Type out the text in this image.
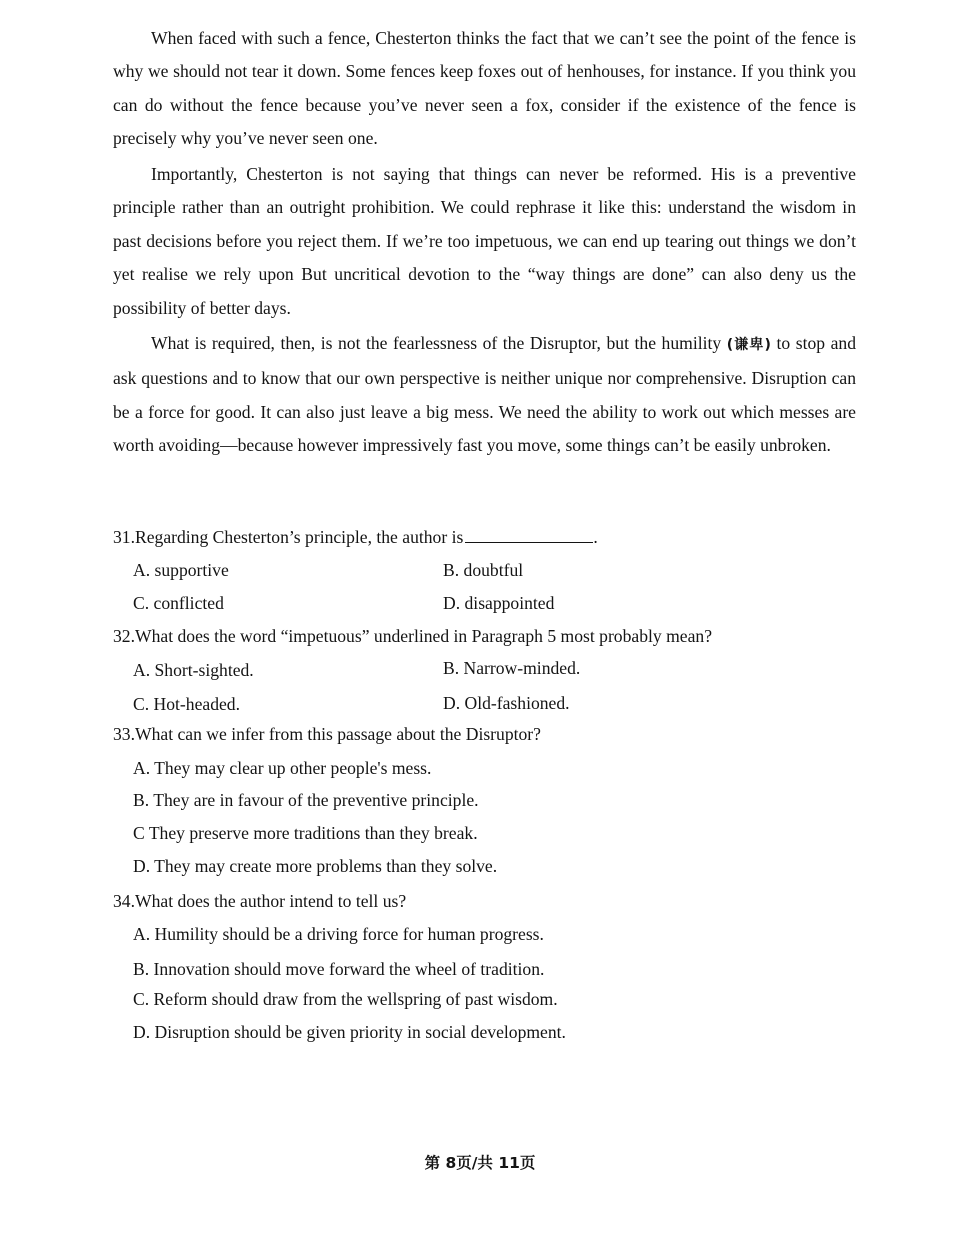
When faced with such a fence, Chesterton thinks the fact that we can’t see the point of the fence is why we should not tear it down. Some fences keep foxes out of henhouses, for instance. If you think you can do without the fence because you’ve never seen a fox, consider if the existence of the fence is precisely why you’ve never seen one.

Importantly, Chesterton is not saying that things can never be reformed. His is a preventive principle rather than an outright prohibition. We could rephrase it like this: understand the wisdom in past decisions before you reject them. If we’re too impetuous, we can end up tearing out things we don’t yet realise we rely upon But uncritical devotion to the “way things are done” can also deny us the possibility of better days.

What is required, then, is not the fearlessness of the Disruptor, but the humility (谦卑) to stop and ask questions and to know that our own perspective is neither unique nor comprehensive. Disruption can be a force for good. It can also just leave a big mess. We need the ability to work out which messes are worth avoiding—because however impressively fast you move, some things can’t be easily unbroken.

31.Regarding Chesterton’s principle, the author is	.
A. supportive	B. doubtful
C. conflicted	D. disappointed
32.What does the word “impetuous” underlined in Paragraph 5 most probably mean?
A. Short-sighted.	B. Narrow-minded.
C. Hot-headed.	D. Old-fashioned.
33.What can we infer from this passage about the Disruptor?
A. They may clear up other people's mess.
B. They are in favour of the preventive principle.
C They preserve more traditions than they break.
D. They may create more problems than they solve.
34.What does the author intend to tell us?
A. Humility should be a driving force for human progress.
B. Innovation should move forward the wheel of tradition.
C. Reform should draw from the wellspring of past wisdom.
D. Disruption should be given priority in social development.
第 8页/共 11页
